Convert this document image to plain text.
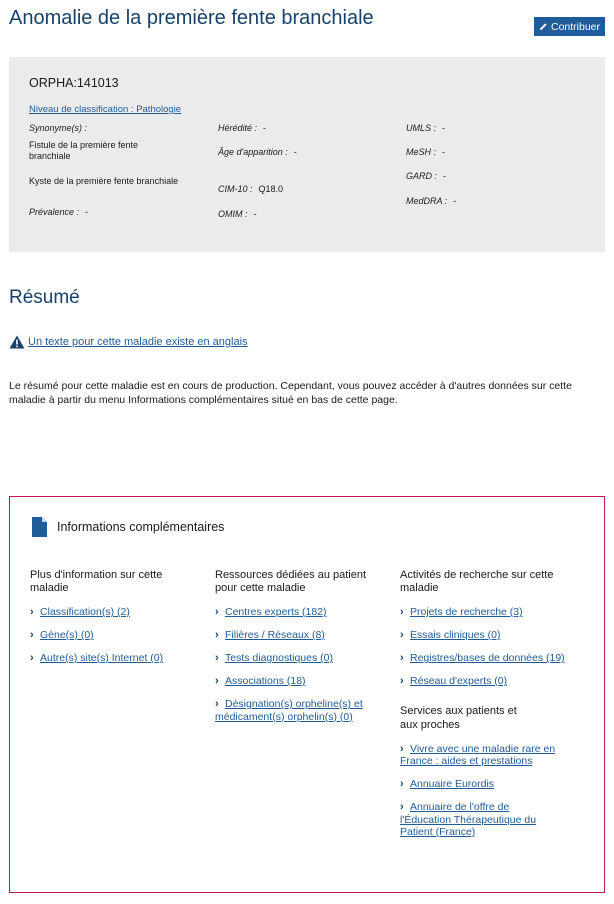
Anomalie de la première fente branchiale	Contribuer
ORPHA:141013
Niveau de classification : Pathologie
Synonyme(s) :
Fistule de la première fente branchiale
Kyste de la première fente branchiale
Prévalence : -
Hérédité : -
Âge d'apparition : -
CIM-10 : Q18.0
OMIM : -
UMLS : -
MeSH : -
GARD : -
MedDRA : -
Résumé
Un texte pour cette maladie existe en anglais

Le résumé pour cette maladie est en cours de production. Cependant, vous pouvez accéder à d'autres données sur cette maladie à partir du menu Informations complémentaires situé en bas de cette page.

Informations complémentaires
Plus d'information sur cette maladie
› Classification(s) (2)
› Gène(s) (0)
› Autre(s) site(s) Internet (0)
Ressources dédiées au patient pour cette maladie
› Centres experts (182)
› Filières / Réseaux (8)
› Tests diagnostiques (0)
› Associations (18)
› Désignation(s) orpheline(s) et médicament(s) orphelin(s) (0)
Activités de recherche sur cette maladie
› Projets de recherche (3)
› Essais cliniques (0)
› Registres/bases de données (19)
› Réseau d'experts (0)
Services aux patients et aux proches
› Vivre avec une maladie rare en France : aides et prestations
› Annuaire Eurordis
› Annuaire de l'offre de l'Éducation Thérapeutique du Patient (France)
